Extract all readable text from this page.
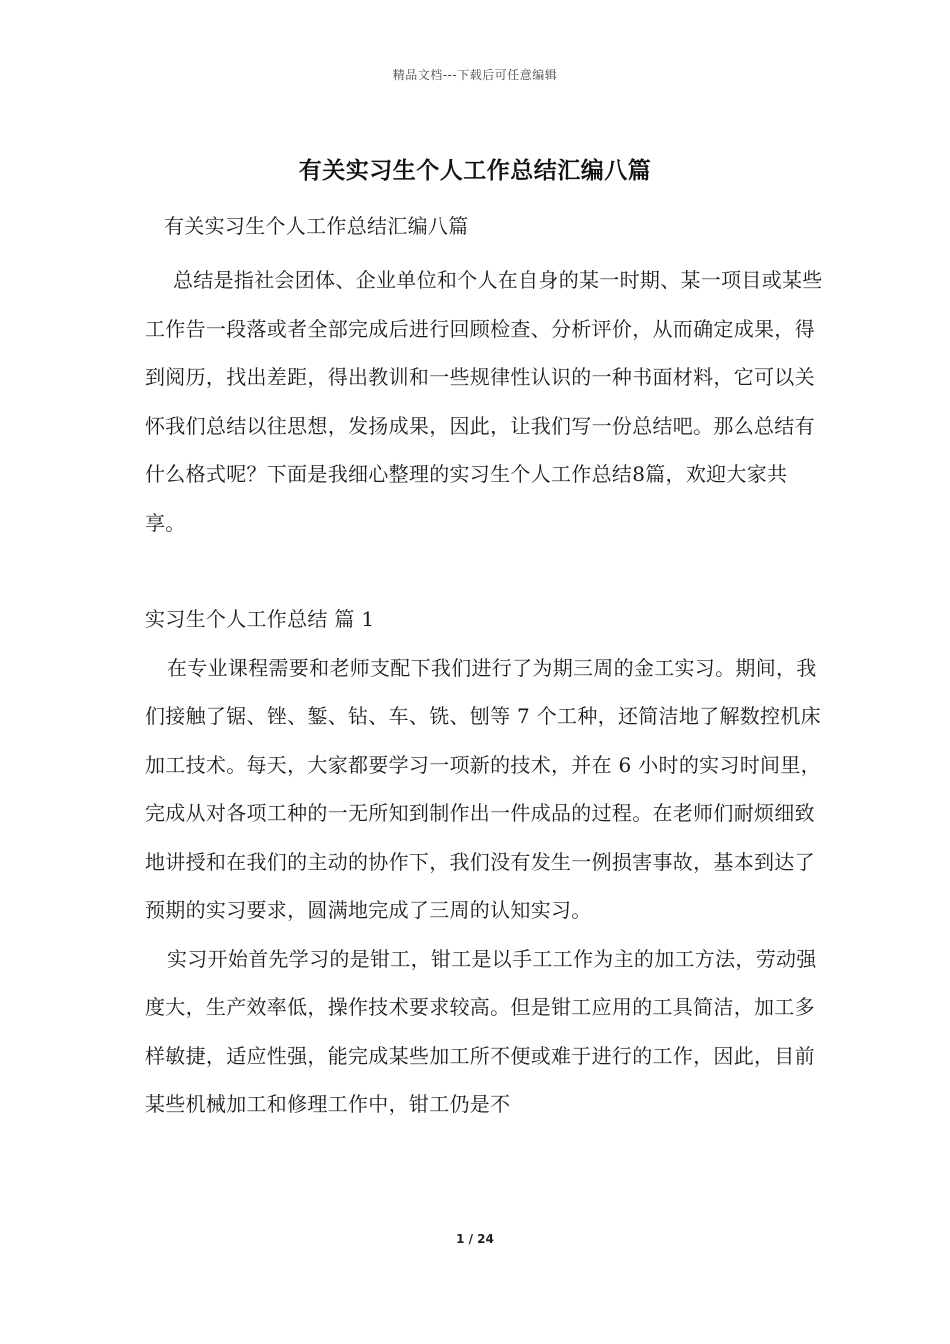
精品文档---下载后可任意编辑
有关实习生个人工作总结汇编八篇

有关实习生个人工作总结汇编八篇

总结是指社会团体、企业单位和个人在自身的某一时期、某一项目或某些工作告一段落或者全部完成后进行回顾检查、分析评价，从而确定成果，得到阅历，找出差距，得出教训和一些规律性认识的一种书面材料，它可以关怀我们总结以往思想，发扬成果，因此，让我们写一份总结吧。那么总结有什么格式呢？下面是我细心整理的实习生个人工作总结8篇，欢迎大家共享。

实习生个人工作总结 篇 1

在专业课程需要和老师支配下我们进行了为期三周的金工实习。期间，我们接触了锯、锉、錾、钻、车、铣、刨等 7 个工种，还简洁地了解数控机床加工技术。每天，大家都要学习一项新的技术，并在 6 小时的实习时间里，完成从对各项工种的一无所知到制作出一件成品的过程。在老师们耐烦细致地讲授和在我们的主动的协作下，我们没有发生一例损害事故，基本到达了预期的实习要求，圆满地完成了三周的认知实习。

实习开始首先学习的是钳工，钳工是以手工工作为主的加工方法，劳动强度大，生产效率低，操作技术要求较高。但是钳工应用的工具简洁，加工多样敏捷，适应性强，能完成某些加工所不便或难于进行的工作，因此，目前某些机械加工和修理工作中，钳工仍是不

1 / 24
